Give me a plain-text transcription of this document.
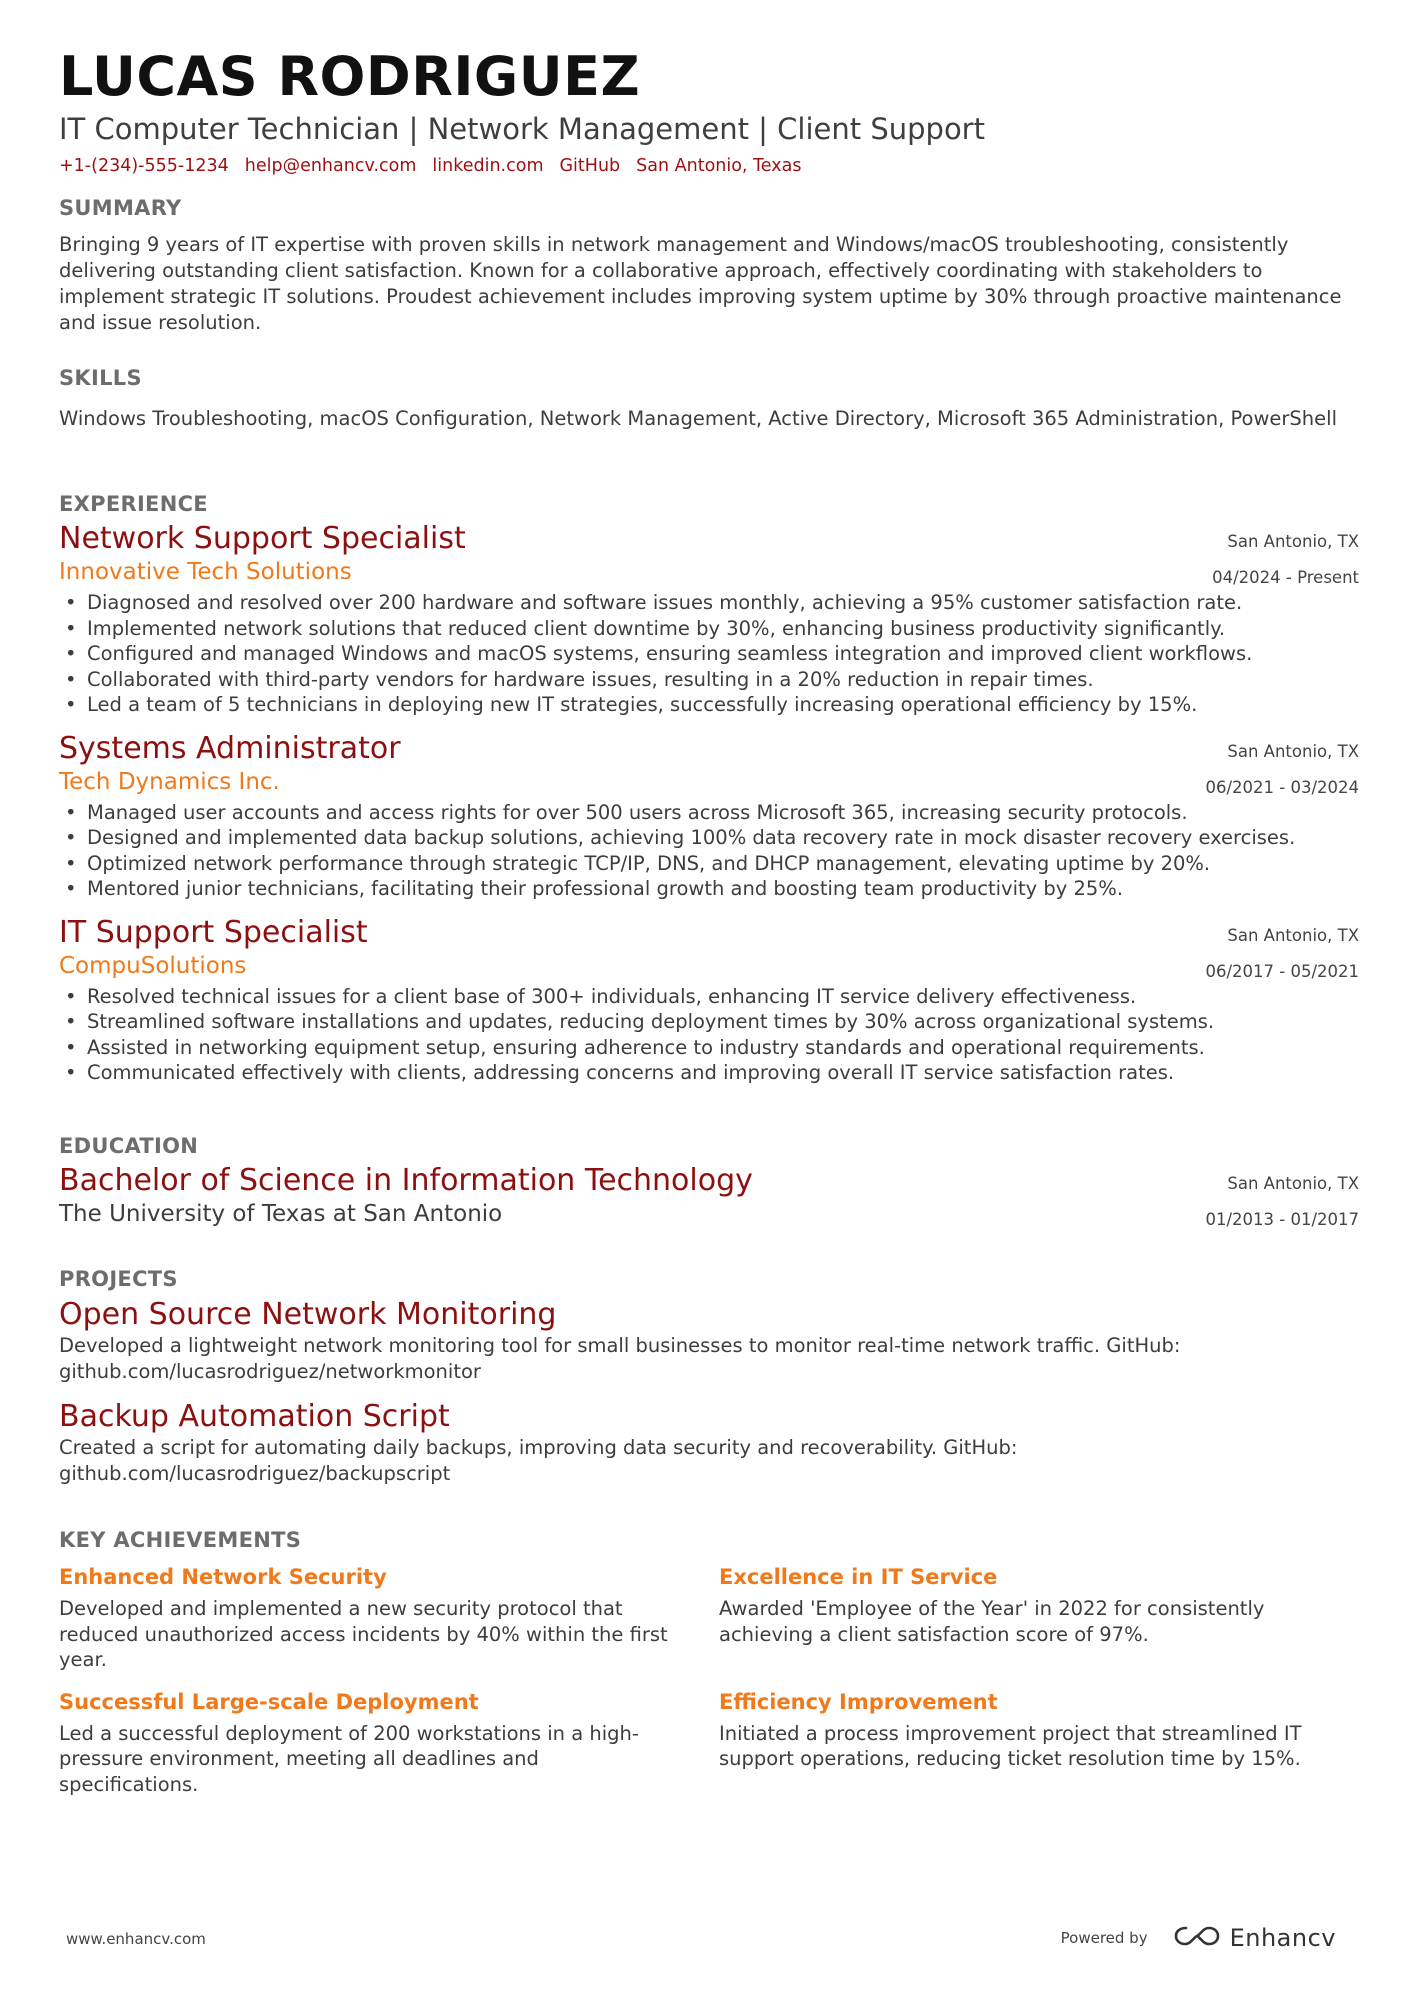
LUCAS RODRIGUEZ
IT Computer Technician | Network Management | Client Support
+1-(234)-555-1234 help@enhancv.com linkedin.com GitHub San Antonio, Texas
SUMMARY
Bringing 9 years of IT expertise with proven skills in network management and Windows/macOS troubleshooting, consistently delivering outstanding client satisfaction. Known for a collaborative approach, effectively coordinating with stakeholders to implement strategic IT solutions. Proudest achievement includes improving system uptime by 30% through proactive maintenance and issue resolution.
SKILLS
Windows Troubleshooting, macOS Configuration, Network Management, Active Directory, Microsoft 365 Administration, PowerShell
EXPERIENCE
Network Support Specialist
Innovative Tech Solutions
San Antonio, TX
04/2024 - Present
• Diagnosed and resolved over 200 hardware and software issues monthly, achieving a 95% customer satisfaction rate.
• Implemented network solutions that reduced client downtime by 30%, enhancing business productivity significantly.
• Configured and managed Windows and macOS systems, ensuring seamless integration and improved client workflows.
• Collaborated with third-party vendors for hardware issues, resulting in a 20% reduction in repair times.
• Led a team of 5 technicians in deploying new IT strategies, successfully increasing operational efficiency by 15%.
Systems Administrator
Tech Dynamics Inc.
San Antonio, TX
06/2021 - 03/2024
• Managed user accounts and access rights for over 500 users across Microsoft 365, increasing security protocols.
• Designed and implemented data backup solutions, achieving 100% data recovery rate in mock disaster recovery exercises.
• Optimized network performance through strategic TCP/IP, DNS, and DHCP management, elevating uptime by 20%.
• Mentored junior technicians, facilitating their professional growth and boosting team productivity by 25%.
IT Support Specialist
CompuSolutions
San Antonio, TX
06/2017 - 05/2021
• Resolved technical issues for a client base of 300+ individuals, enhancing IT service delivery effectiveness.
• Streamlined software installations and updates, reducing deployment times by 30% across organizational systems.
• Assisted in networking equipment setup, ensuring adherence to industry standards and operational requirements.
• Communicated effectively with clients, addressing concerns and improving overall IT service satisfaction rates.
EDUCATION
Bachelor of Science in Information Technology
The University of Texas at San Antonio
San Antonio, TX
01/2013 - 01/2017
PROJECTS
Open Source Network Monitoring
Developed a lightweight network monitoring tool for small businesses to monitor real-time network traffic. GitHub: github.com/lucasrodriguez/networkmonitor
Backup Automation Script
Created a script for automating daily backups, improving data security and recoverability. GitHub: github.com/lucasrodriguez/backupscript
KEY ACHIEVEMENTS
Enhanced Network Security
Developed and implemented a new security protocol that reduced unauthorized access incidents by 40% within the first year.
Excellence in IT Service
Awarded 'Employee of the Year' in 2022 for consistently achieving a client satisfaction score of 97%.
Successful Large-scale Deployment
Led a successful deployment of 200 workstations in a high-pressure environment, meeting all deadlines and specifications.
Efficiency Improvement
Initiated a process improvement project that streamlined IT support operations, reducing ticket resolution time by 15%.
www.enhancv.com	Powered by	Enhancv
